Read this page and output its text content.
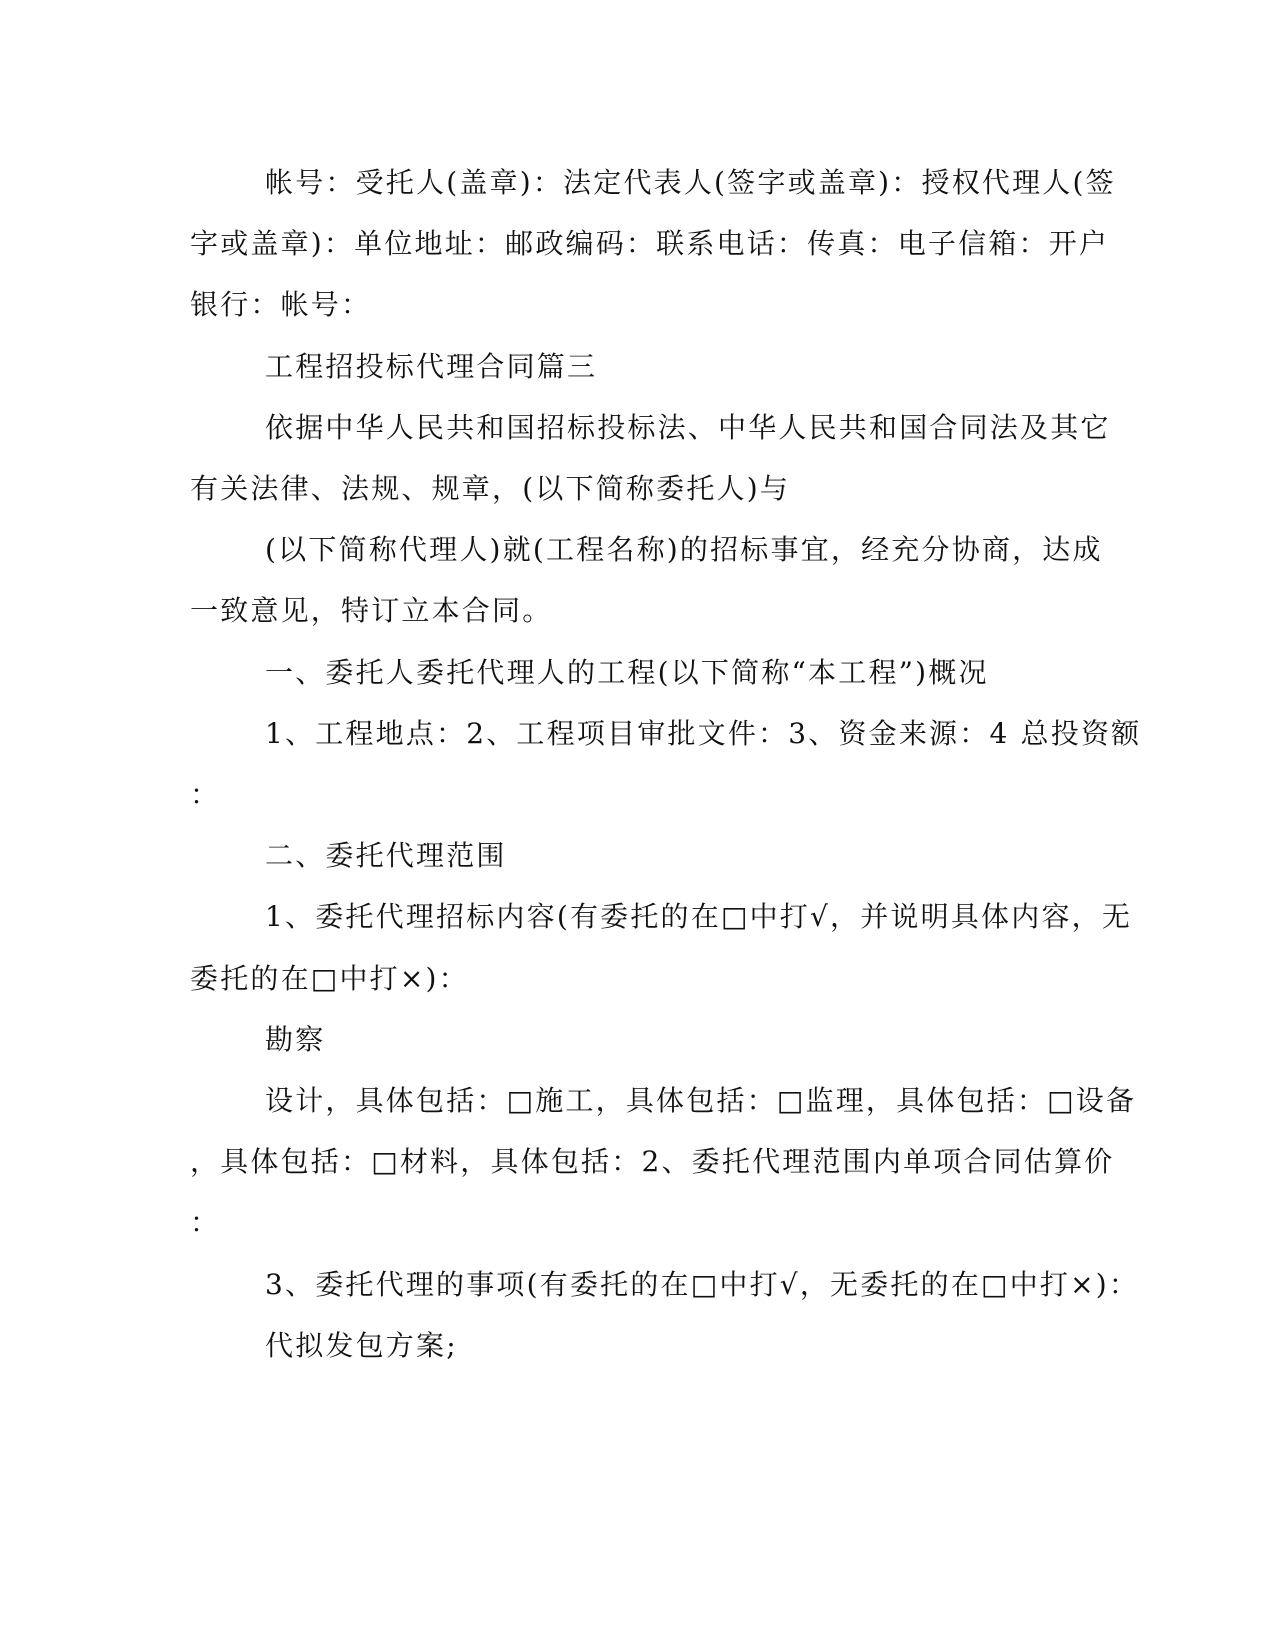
帐号：受托人(盖章)：法定代表人(签字或盖章)：授权代理人(签
字或盖章)：单位地址：邮政编码：联系电话：传真：电子信箱：开户
银行：帐号：
工程招投标代理合同篇三
依据中华人民共和国招标投标法、中华人民共和国合同法及其它
有关法律、法规、规章，(以下简称委托人)与
(以下简称代理人)就(工程名称)的招标事宜，经充分协商，达成
一致意见，特订立本合同。
一、委托人委托代理人的工程(以下简称“本工程”)概况
1、工程地点：2、工程项目审批文件：3、资金来源：4 总投资额
：
二、委托代理范围
1、委托代理招标内容(有委托的在□中打√，并说明具体内容，无
委托的在□中打×)：
勘察
设计，具体包括：□施工，具体包括：□监理，具体包括：□设备
，具体包括：□材料，具体包括：2、委托代理范围内单项合同估算价
：
3、委托代理的事项(有委托的在□中打√，无委托的在□中打×)：
代拟发包方案;
